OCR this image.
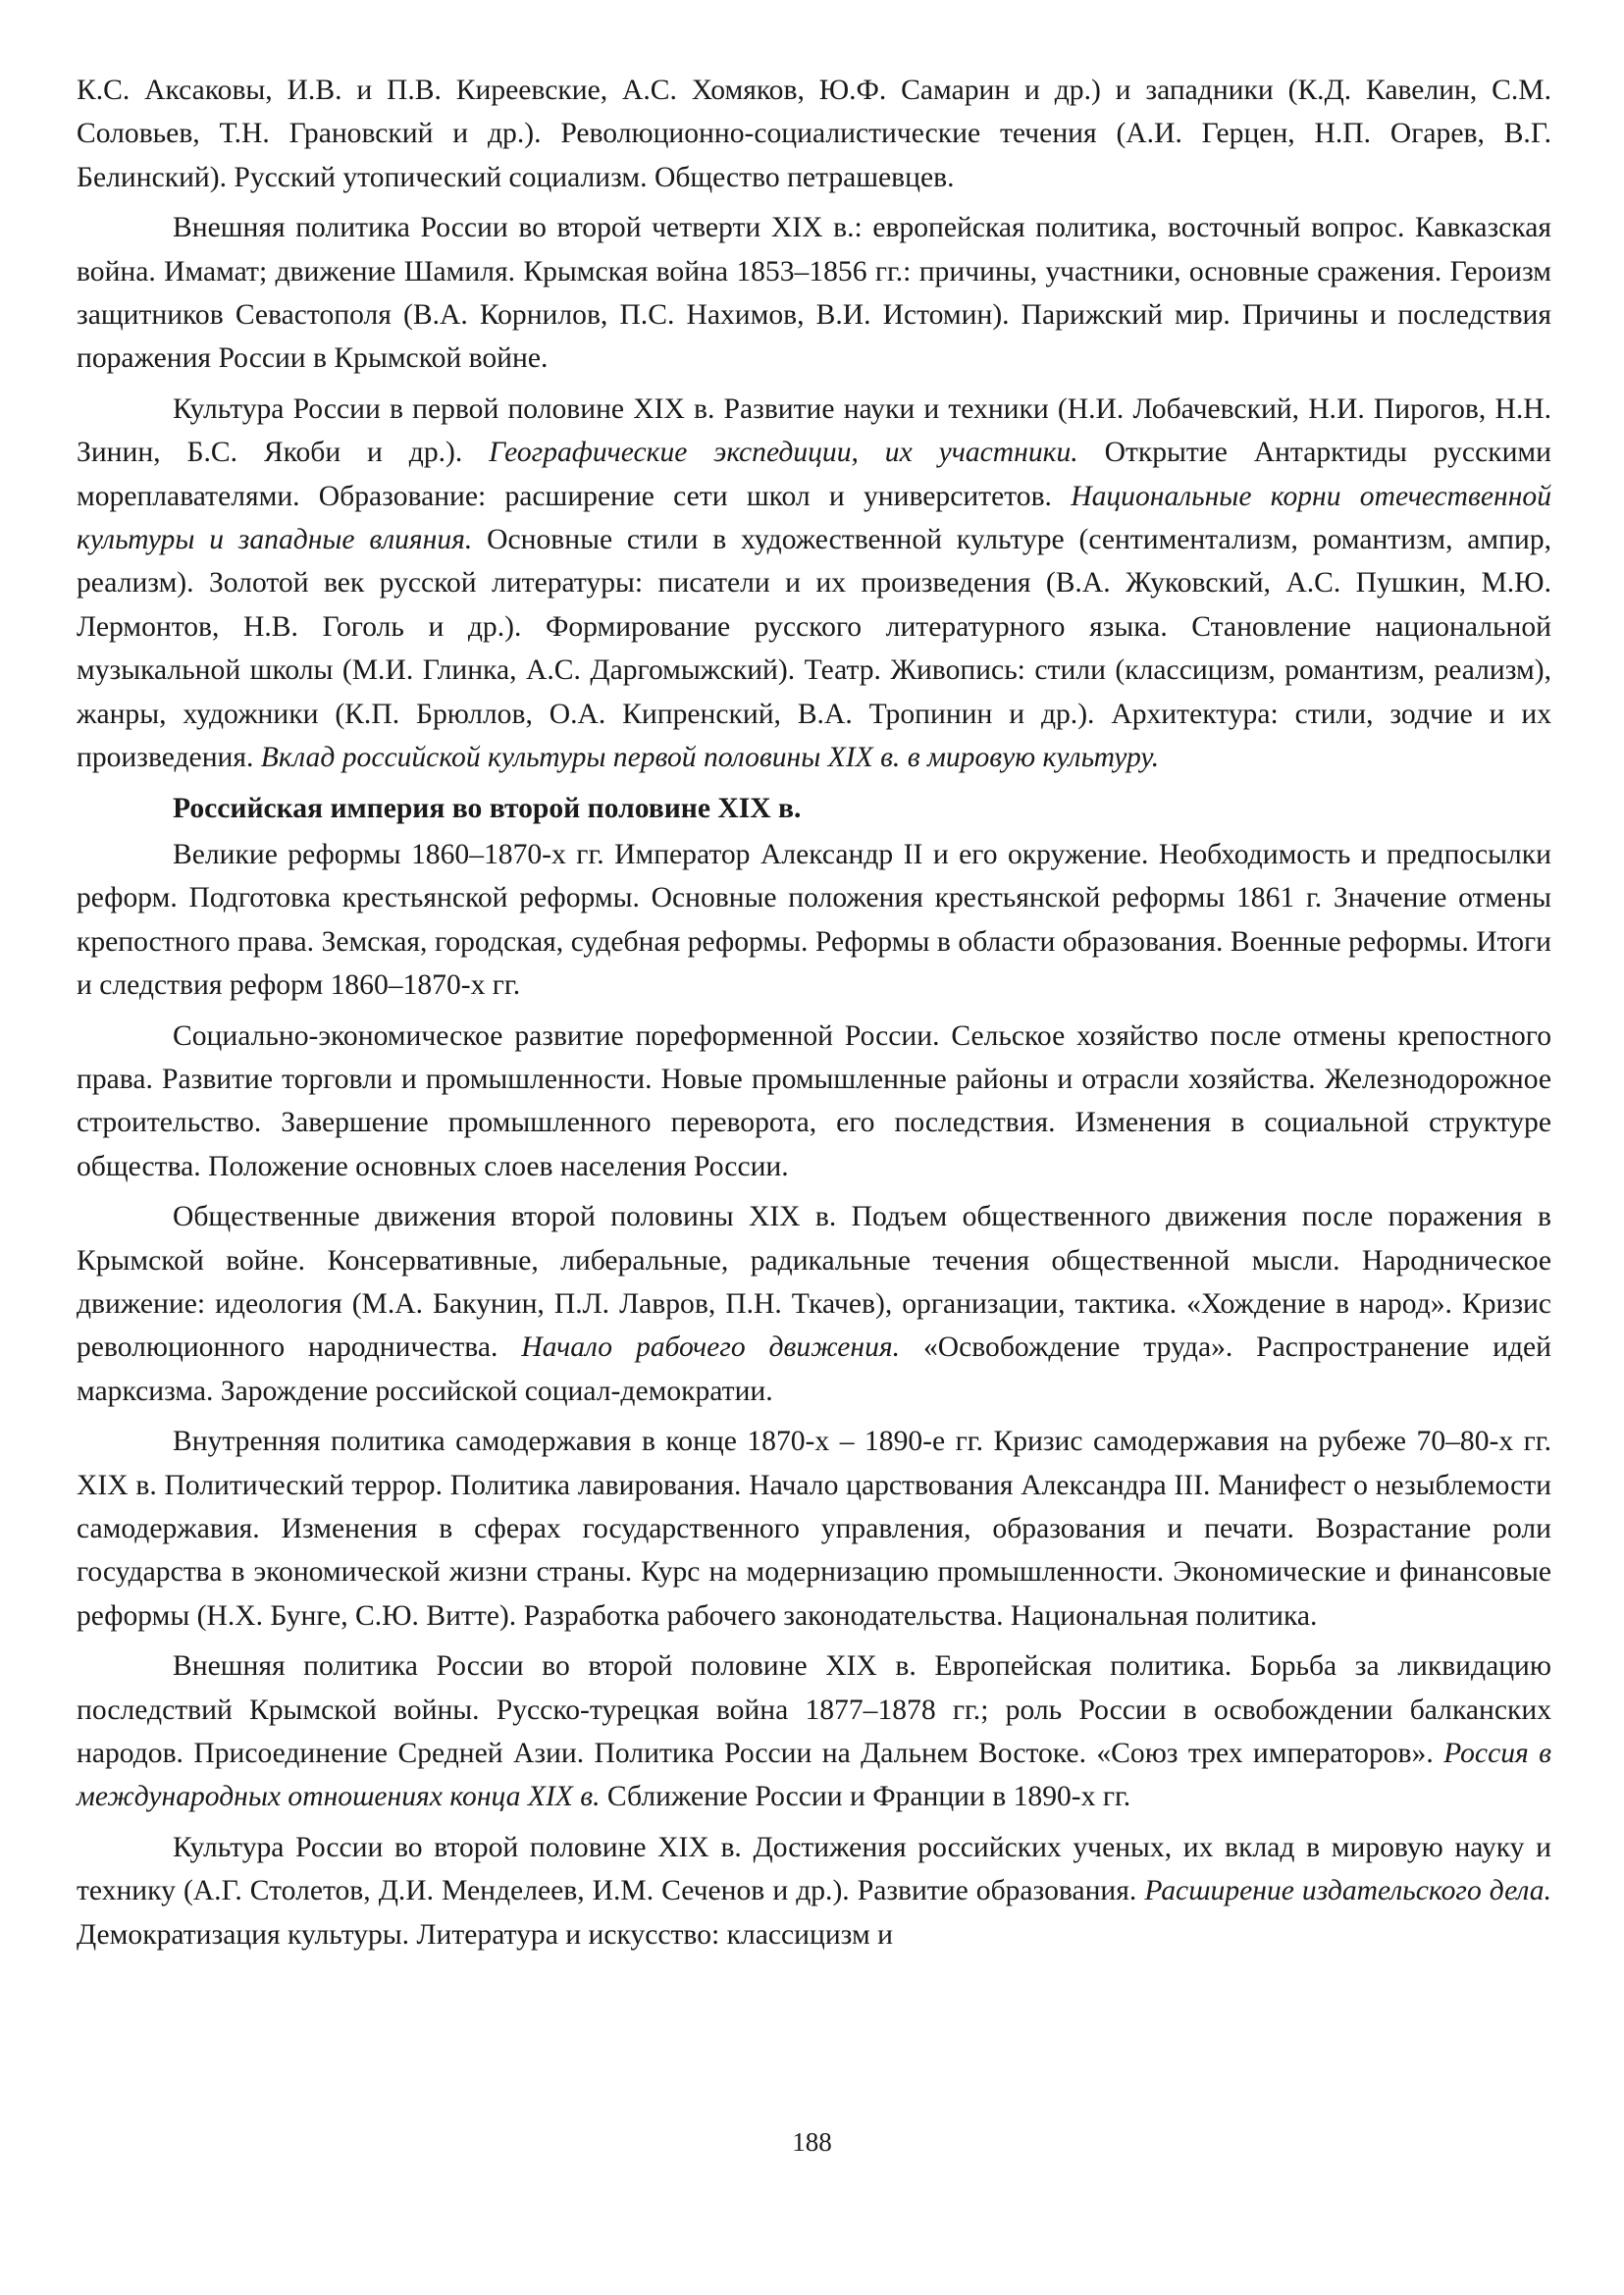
К.С. Аксаковы, И.В. и П.В. Киреевские, А.С. Хомяков, Ю.Ф. Самарин и др.) и западники (К.Д. Кавелин, С.М. Соловьев, Т.Н. Грановский и др.). Революционно-социалистические течения (А.И. Герцен, Н.П. Огарев, В.Г. Белинский). Русский утопический социализм. Общество петрашевцев.

Внешняя политика России во второй четверти XIX в.: европейская политика, восточный вопрос. Кавказская война. Имамат; движение Шамиля. Крымская война 1853–1856 гг.: причины, участники, основные сражения. Героизм защитников Севастополя (В.А. Корнилов, П.С. Нахимов, В.И. Истомин). Парижский мир. Причины и последствия поражения России в Крымской войне.

Культура России в первой половине XIX в. Развитие науки и техники (Н.И. Лобачевский, Н.И. Пирогов, Н.Н. Зинин, Б.С. Якоби и др.). Географические экспедиции, их участники. Открытие Антарктиды русскими мореплавателями. Образование: расширение сети школ и университетов. Национальные корни отечественной культуры и западные влияния. Основные стили в художественной культуре (сентиментализм, романтизм, ампир, реализм). Золотой век русской литературы: писатели и их произведения (В.А. Жуковский, А.С. Пушкин, М.Ю. Лермонтов, Н.В. Гоголь и др.). Формирование русского литературного языка. Становление национальной музыкальной школы (М.И. Глинка, А.С. Даргомыжский). Театр. Живопись: стили (классицизм, романтизм, реализм), жанры, художники (К.П. Брюллов, О.А. Кипренский, В.А. Тропинин и др.). Архитектура: стили, зодчие и их произведения. Вклад российской культуры первой половины XIX в. в мировую культуру.

Российская империя во второй половине XIX в.

Великие реформы 1860–1870-х гг. Император Александр II и его окружение. Необходимость и предпосылки реформ. Подготовка крестьянской реформы. Основные положения крестьянской реформы 1861 г. Значение отмены крепостного права. Земская, городская, судебная реформы. Реформы в области образования. Военные реформы. Итоги и следствия реформ 1860–1870-х гг.

Социально-экономическое развитие пореформенной России. Сельское хозяйство после отмены крепостного права. Развитие торговли и промышленности. Новые промышленные районы и отрасли хозяйства. Железнодорожное строительство. Завершение промышленного переворота, его последствия. Изменения в социальной структуре общества. Положение основных слоев населения России.

Общественные движения второй половины XIX в. Подъем общественного движения после поражения в Крымской войне. Консервативные, либеральные, радикальные течения общественной мысли. Народническое движение: идеология (М.А. Бакунин, П.Л. Лавров, П.Н. Ткачев), организации, тактика. «Хождение в народ». Кризис революционного народничества. Начало рабочего движения. «Освобождение труда». Распространение идей марксизма. Зарождение российской социал-демократии.

Внутренняя политика самодержавия в конце 1870-х – 1890-е гг. Кризис самодержавия на рубеже 70–80-х гг. XIX в. Политический террор. Политика лавирования. Начало царствования Александра III. Манифест о незыблемости самодержавия. Изменения в сферах государственного управления, образования и печати. Возрастание роли государства в экономической жизни страны. Курс на модернизацию промышленности. Экономические и финансовые реформы (Н.Х. Бунге, С.Ю. Витте). Разработка рабочего законодательства. Национальная политика.

Внешняя политика России во второй половине XIX в. Европейская политика. Борьба за ликвидацию последствий Крымской войны. Русско-турецкая война 1877–1878 гг.; роль России в освобождении балканских народов. Присоединение Средней Азии. Политика России на Дальнем Востоке. «Союз трех императоров». Россия в международных отношениях конца XIX в. Сближение России и Франции в 1890-х гг.

Культура России во второй половине XIX в. Достижения российских ученых, их вклад в мировую науку и технику (А.Г. Столетов, Д.И. Менделеев, И.М. Сеченов и др.). Развитие образования. Расширение издательского дела. Демократизация культуры. Литература и искусство: классицизм и

188
